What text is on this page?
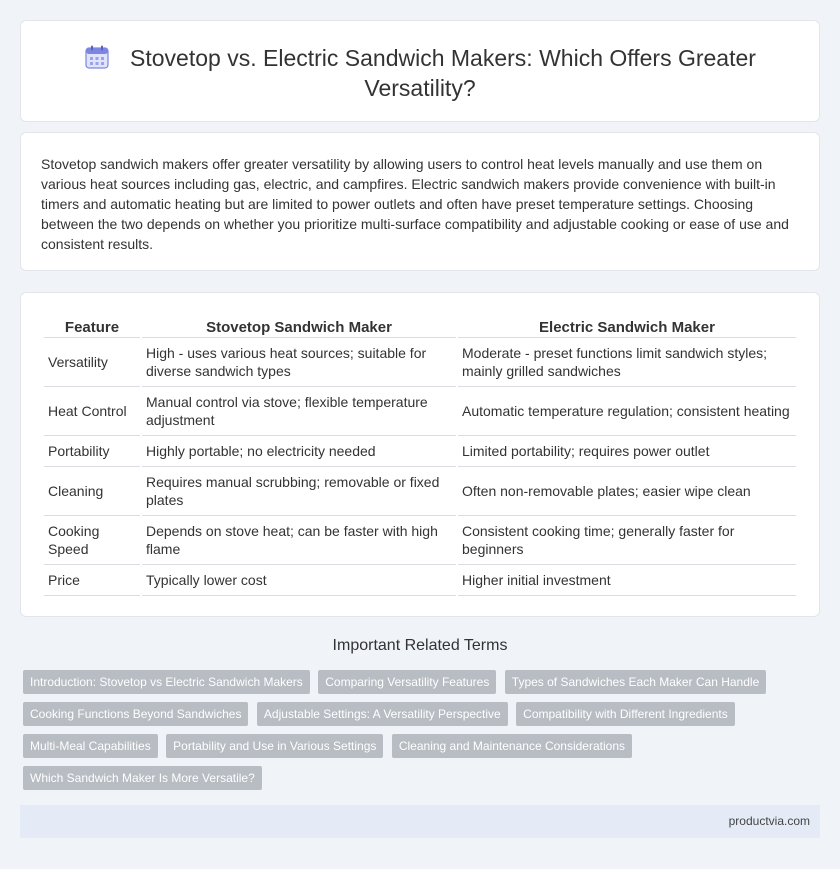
Stovetop vs. Electric Sandwich Makers: Which Offers Greater Versatility?

Stovetop sandwich makers offer greater versatility by allowing users to control heat levels manually and use them on various heat sources including gas, electric, and campfires. Electric sandwich makers provide convenience with built-in timers and automatic heating but are limited to power outlets and often have preset temperature settings. Choosing between the two depends on whether you prioritize multi-surface compatibility and adjustable cooking or ease of use and consistent results.

Feature	Stovetop Sandwich Maker	Electric Sandwich Maker
Versatility	High - uses various heat sources; suitable for diverse sandwich types	Moderate - preset functions limit sandwich styles; mainly grilled sandwiches
Heat Control	Manual control via stove; flexible temperature adjustment	Automatic temperature regulation; consistent heating
Portability	Highly portable; no electricity needed	Limited portability; requires power outlet
Cleaning	Requires manual scrubbing; removable or fixed plates	Often non-removable plates; easier wipe clean
Cooking Speed	Depends on stove heat; can be faster with high flame	Consistent cooking time; generally faster for beginners
Price	Typically lower cost	Higher initial investment
Important Related Terms
Introduction: Stovetop vs Electric Sandwich Makers Comparing Versatility Features Types of Sandwiches Each Maker Can Handle Cooking Functions Beyond Sandwiches Adjustable Settings: A Versatility Perspective Compatibility with Different Ingredients Multi-Meal Capabilities Portability and Use in Various Settings Cleaning and Maintenance Considerations Which Sandwich Maker Is More Versatile?
productvia.com
